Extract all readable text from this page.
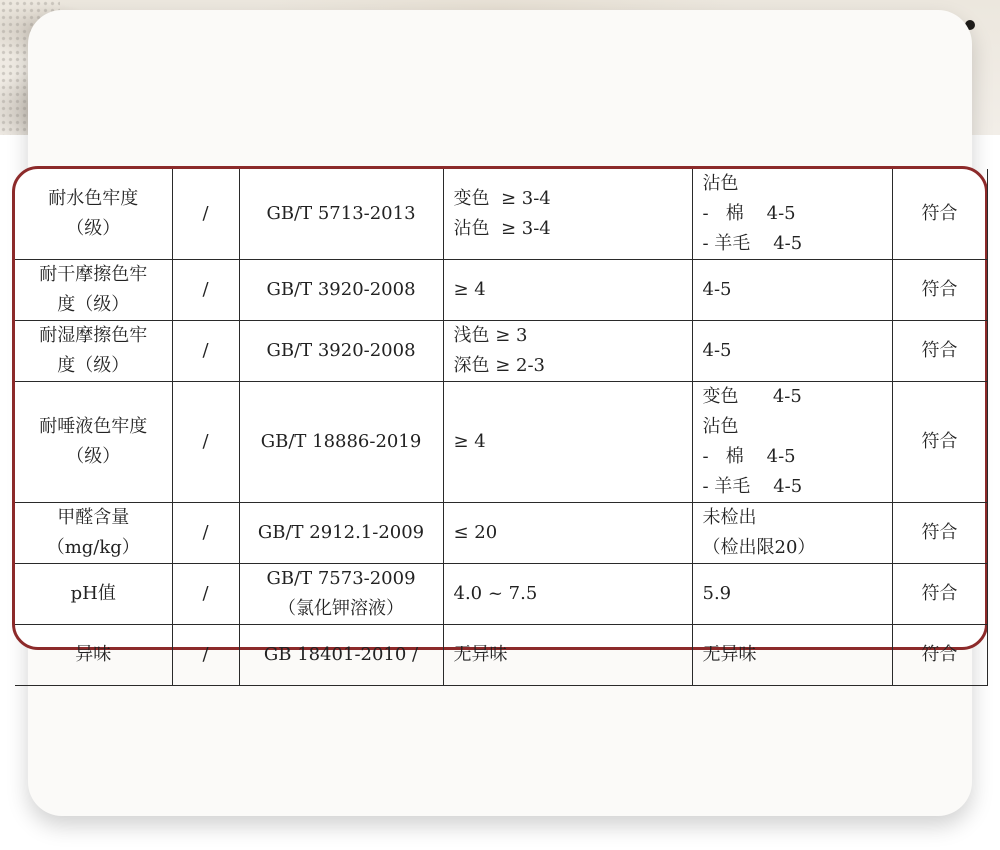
耐水色牢度
（级）	/	GB/T 5713-2013	变色  ≥ 3-4
沾色  ≥ 3-4	沾色
-   棉    4-5
- 羊毛    4-5	符合

耐干摩擦色牢
度（级）	/	GB/T 3920-2008	≥ 4	4-5	符合

耐湿摩擦色牢
度（级）	/	GB/T 3920-2008	浅色 ≥ 3
深色 ≥ 2-3	4-5	符合

耐唾液色牢度
（级）	/	GB/T 18886-2019	≥ 4	变色      4-5
沾色
-   棉    4-5
- 羊毛    4-5	符合

甲醛含量
（mg/kg）	/	GB/T 2912.1-2009	≤ 20	未检出
（检出限20）	符合

pH值	/	GB/T 7573-2009
（氯化钾溶液）	4.0 ~ 7.5	5.9	符合

异味	/	GB 18401-2010 /	无异味	无异味	符合
